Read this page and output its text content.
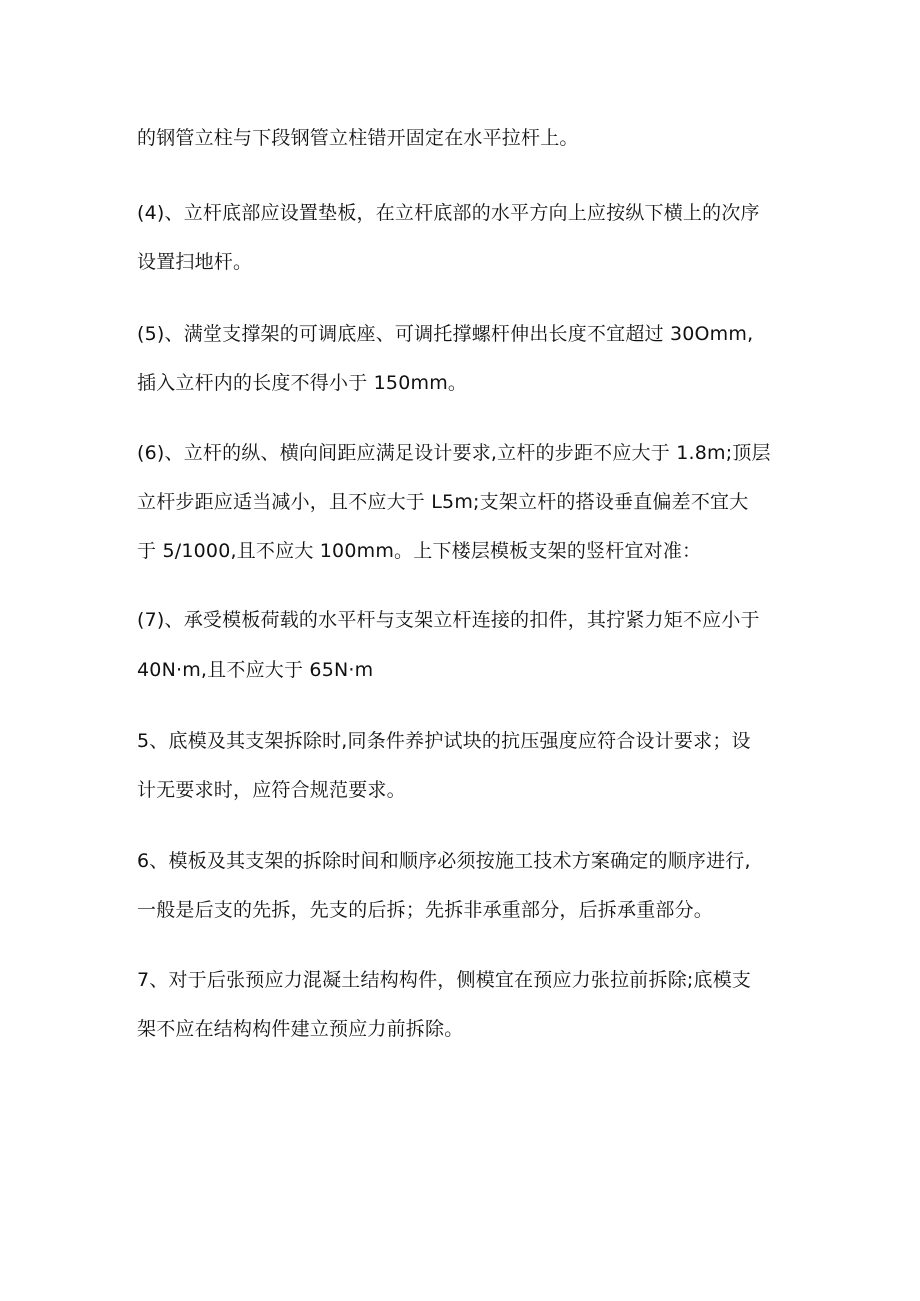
的钢管立柱与下段钢管立柱错开固定在水平拉杆上。
(4)、立杆底部应设置垫板，在立杆底部的水平方向上应按纵下横上的次序
设置扫地杆。
(5)、满堂支撑架的可调底座、可调托撑螺杆伸出长度不宜超过 30Omm,
插入立杆内的长度不得小于 150mm。
(6)、立杆的纵、横向间距应满足设计要求,立杆的步距不应大于 1.8m;顶层
立杆步距应适当减小，且不应大于 L5m;支架立杆的搭设垂直偏差不宜大
于 5/1000,且不应大 100mm。上下楼层模板支架的竖杆宜对准：
(7)、承受模板荷载的水平杆与支架立杆连接的扣件，其拧紧力矩不应小于
40N·m,且不应大于 65N·m
5、底模及其支架拆除时,同条件养护试块的抗压强度应符合设计要求；设
计无要求时，应符合规范要求。
6、模板及其支架的拆除时间和顺序必须按施工技术方案确定的顺序进行,
一般是后支的先拆，先支的后拆；先拆非承重部分，后拆承重部分。
7、对于后张预应力混凝土结构构件，侧模宜在预应力张拉前拆除;底模支
架不应在结构构件建立预应力前拆除。
